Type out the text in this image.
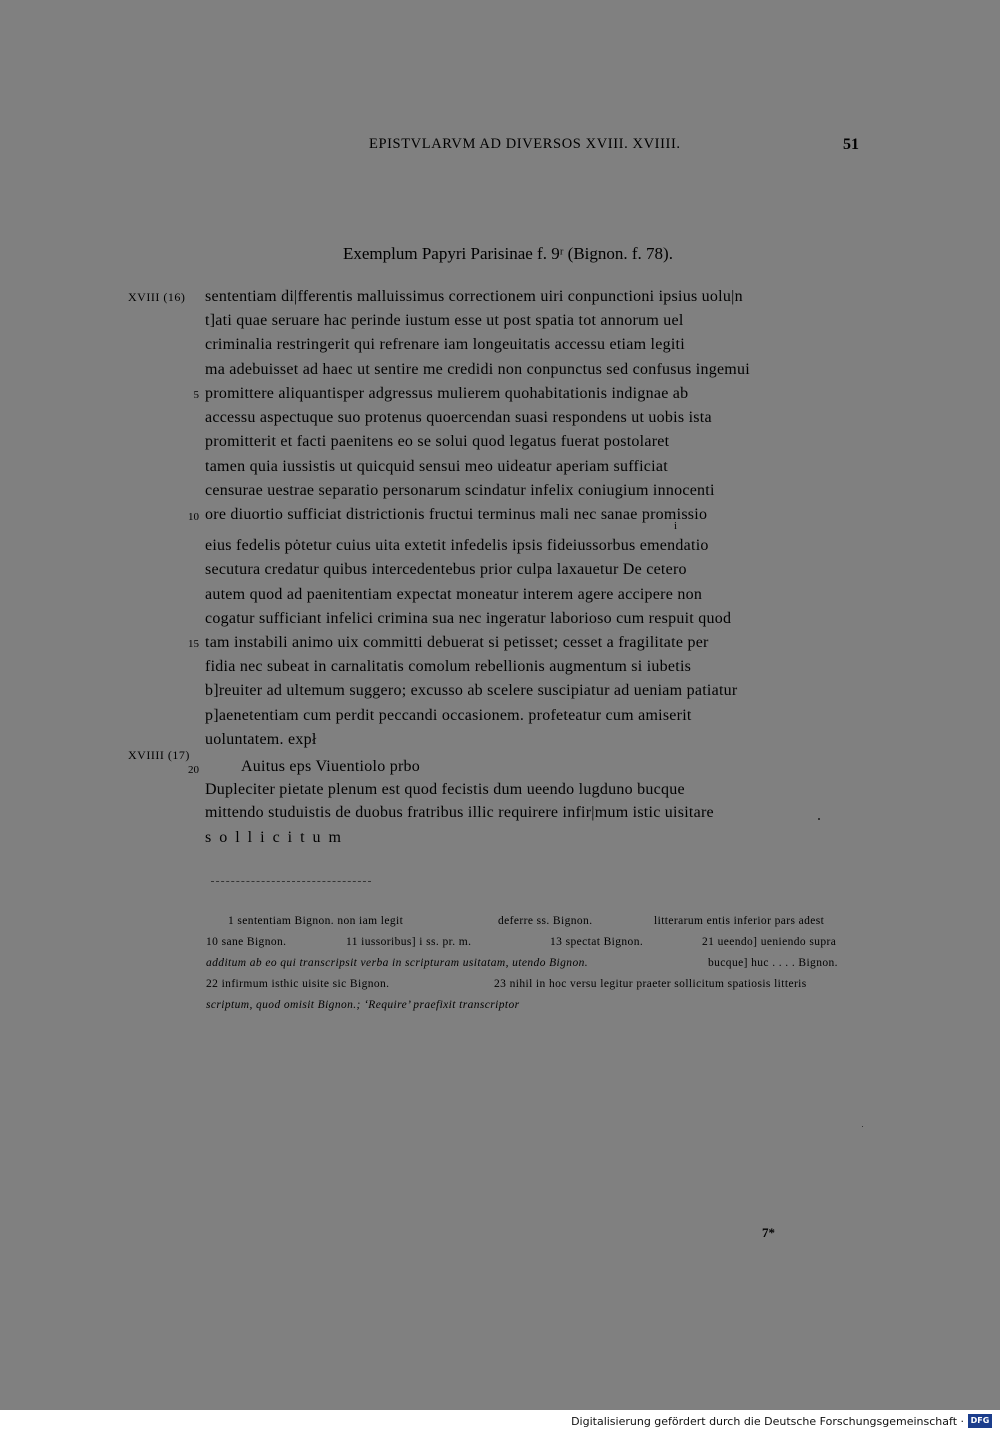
EPISTVLARVM AD DIVERSOS XVIII. XVIIII.	51
Exemplum Papyri Parisinae f. 9ʳ (Bignon. f. 78).
XVIII (16)
5
10
15
XVIIII (17)
20
sententiam di|fferentis malluissimus correctionem uiri conpunctioni ipsius uolu|n
t]ati quae seruare hac perinde iustum esse ut post spatia tot annorum uel
criminalia restringerit qui refrenare iam longeuitatis accessu etiam legiti
ma adebuisset ad haec ut sentire me credidi non conpunctus sed confusus ingemui
promittere aliquantisper adgressus mulierem quohabitationis indignae ab
accessu aspectuque suo protenus quoercendan suasi respondens ut uobis ista
promitterit et facti paenitens eo se solui quod legatus fuerat postolaret
tamen quia iussistis ut quicquid sensui meo uideatur aperiam sufficiat
censurae uestrae separatio personarum scindatur infelix coniugium innocenti
ore diuortio sufficiat districtionis fructui terminus mali nec sanae promissio
i
eius fedelis pȯtetur cuius uita extetit infedelis ipsis fideiussorbus emendatio
secutura credatur quibus intercedentebus prior culpa laxauetur De cetero
autem quod ad paenitentiam expectat moneatur interem agere accipere non
cogatur sufficiant infelici crimina sua nec ingeratur laborioso cum respuit quod
tam instabili animo uix committi debuerat si petisset; cesset a fragilitate per
fidia nec subeat in carnalitatis comolum rebellionis augmentum si iubetis
b]reuiter ad ultemum suggero; excusso ab scelere suscipiatur ad ueniam patiatur
p]aenetentiam cum perdit peccandi occasionem. profeteatur cum amiserit
uoluntatem. expł
Auitus eps Viuentiolo prbo
Dupleciter pietate plenum est quod fecistis dum ueendo lugduno bucque
mittendo studuistis de duobus fratribus illic requirere infir|mum istic uisitare
s o l l i c i t u m
1 sententiam Bignon. non iam legit	deferre ss. Bignon.	litterarum entis inferior pars adest
10 sane Bignon.	11 iussoribus] i ss. pr. m.	13 spectat Bignon.	21 ueendo] ueniendo supra
additum ab eo qui transcripsit verba in scripturam usitatam, utendo Bignon.	bucque] huc . . . . Bignon.
22 infirmum isthic uisite sic Bignon.	23 nihil in hoc versu legitur praeter sollicitum spatiosis litteris
scriptum, quod omisit Bignon.; ‘Require’ praefixit transcriptor
7*
Digitalisierung gefördert durch die Deutsche Forschungsgemeinschaft · DFG
